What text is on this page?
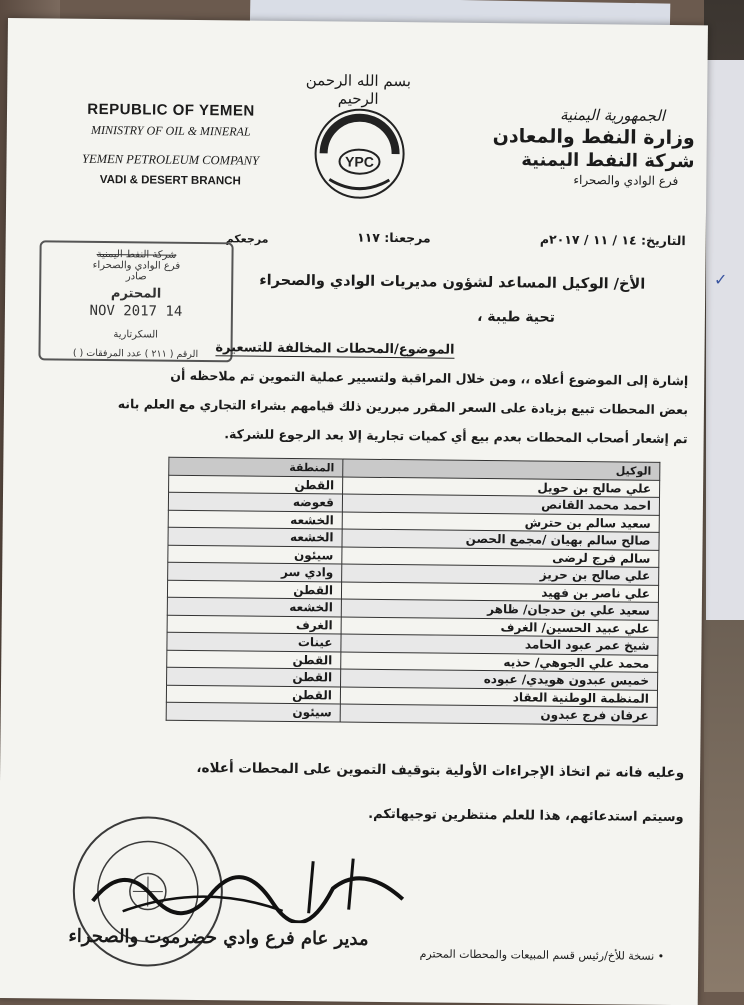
✓
بسم الله الرحمن الرحيم
YPC
REPUBLIC OF YEMEN
MINISTRY OF OIL & MINERAL
YEMEN PETROLEUM COMPANY
VADI & DESERT BRANCH
الجمهورية اليمنية
وزارة النفط والمعادن
شركة النفط اليمنية
فرع الوادي والصحراء
التاريخ: ١٤ / ١١ / ٢٠١٧م
مرجعنا: ١١٧
مرجعكم
شركة النفط اليمنية
فرع الوادي والصحراء
صادر
المحترم
14 NOV 2017
السكرتارية
الرقم ( ٢١١ ) عدد المرفقات ( )
الأخ/ الوكيل المساعد لشؤون مديريات الوادي والصحراء
تحية طيبة ،
الموضوع/المحطات المخالفة للتسعيرة
إشارة إلى الموضوع أعلاه ،، ومن خلال المراقبة ولتسيير عملية التموين تم ملاحظه أن
بعض المحطات تبيع بزيادة على السعر المقرر مبررين ذلك قيامهم بشراء التجاري مع العلم بانه
تم إشعار أصحاب المحطات بعدم بيع أي كميات تجارية إلا بعد الرجوع للشركة.
الوكيل	المنطقة
علي صالح بن حويل	القطن
احمد محمد القانص	قعوضه
سعيد سالم بن حترش	الخشعه
صالح سالم بهيان /مجمع الحصن	الخشعه
سالم فرج لرضى	سيئون
علي صالح بن حريز	وادي سر
علي ناصر بن فهيد	القطن
سعيد علي بن حدجان/ ظاهر	الخشعه
علي عبيد الحسين/ الغرف	الغرف
شيخ عمر عبود الحامد	عينات
محمد علي الجوهي/ حذيه	القطن
خميس عبدون هويدي/ عبوده	القطن
المنظمة الوطنية العقاد	القطن
عرفان فرج عبدون	سيئون
وعليه فانه تم اتخاذ الإجراءات الأولية بتوقيف التموين على المحطات أعلاه،
وسيتم استدعائهم، هذا للعلم منتظرين توجيهاتكم.
مدير عام فرع وادي حضرموت والصحراء
• نسخة للأخ/رئيس قسم المبيعات والمحطات المحترم
